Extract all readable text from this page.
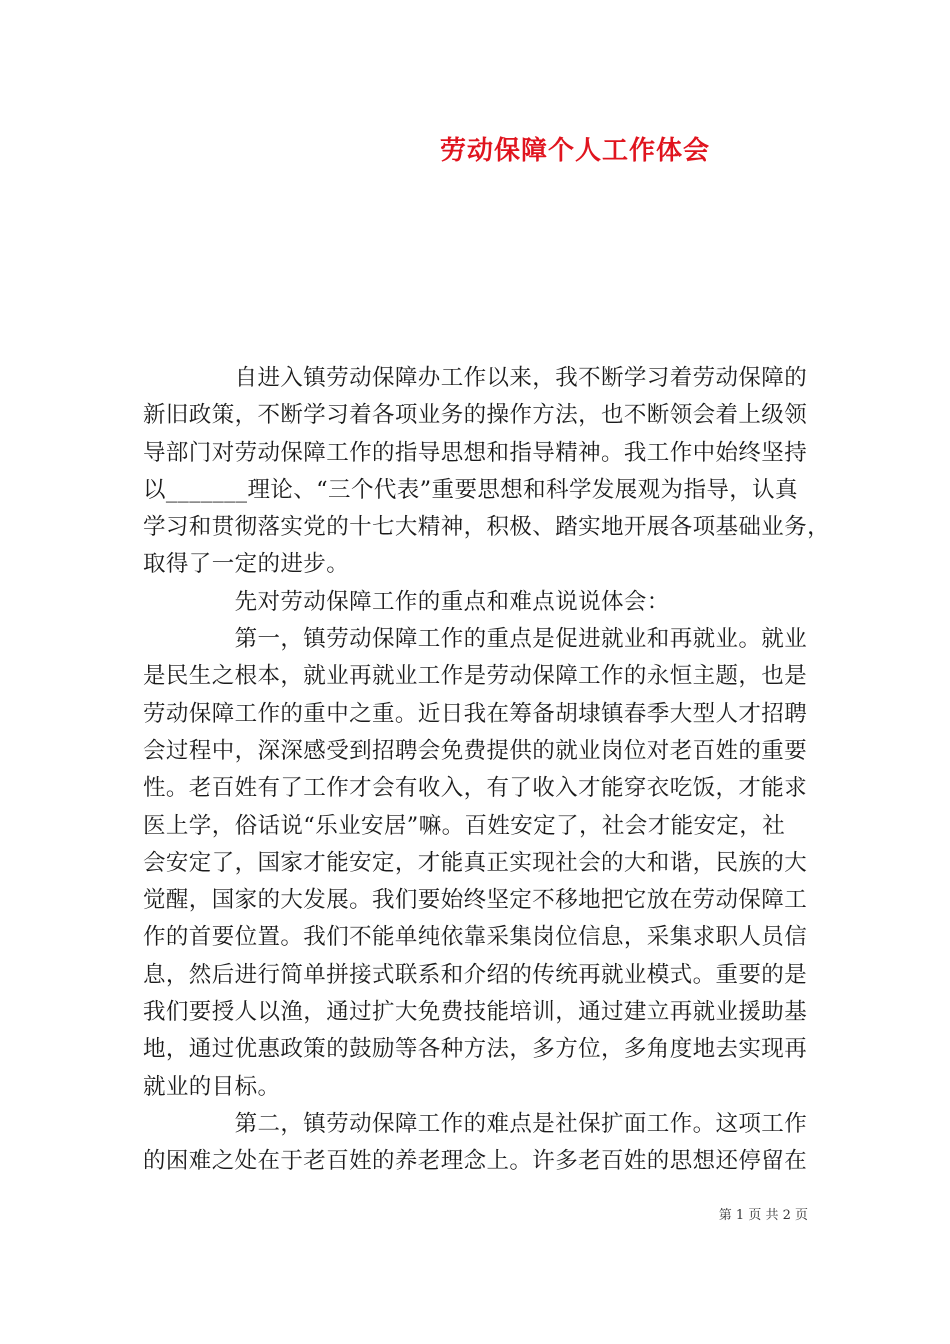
劳动保障个人工作体会
　　　　自进入镇劳动保障办工作以来，我不断学习着劳动保障的
新旧政策，不断学习着各项业务的操作方法，也不断领会着上级领
导部门对劳动保障工作的指导思想和指导精神。我工作中始终坚持
以_______理论、“三个代表”重要思想和科学发展观为指导，认真
学习和贯彻落实党的十七大精神，积极、踏实地开展各项基础业务，
取得了一定的进步。
　　　　先对劳动保障工作的重点和难点说说体会：
　　　　第一，镇劳动保障工作的重点是促进就业和再就业。就业
是民生之根本，就业再就业工作是劳动保障工作的永恒主题，也是
劳动保障工作的重中之重。近日我在筹备胡埭镇春季大型人才招聘
会过程中，深深感受到招聘会免费提供的就业岗位对老百姓的重要
性。老百姓有了工作才会有收入，有了收入才能穿衣吃饭，才能求
医上学，俗话说“乐业安居”嘛。百姓安定了，社会才能安定，社
会安定了，国家才能安定，才能真正实现社会的大和谐，民族的大
觉醒，国家的大发展。我们要始终坚定不移地把它放在劳动保障工
作的首要位置。我们不能单纯依靠采集岗位信息，采集求职人员信
息，然后进行简单拼接式联系和介绍的传统再就业模式。重要的是
我们要授人以渔，通过扩大免费技能培训，通过建立再就业援助基
地，通过优惠政策的鼓励等各种方法，多方位，多角度地去实现再
就业的目标。
　　　　第二，镇劳动保障工作的难点是社保扩面工作。这项工作
的困难之处在于老百姓的养老理念上。许多老百姓的思想还停留在
第 1 页 共 2 页
